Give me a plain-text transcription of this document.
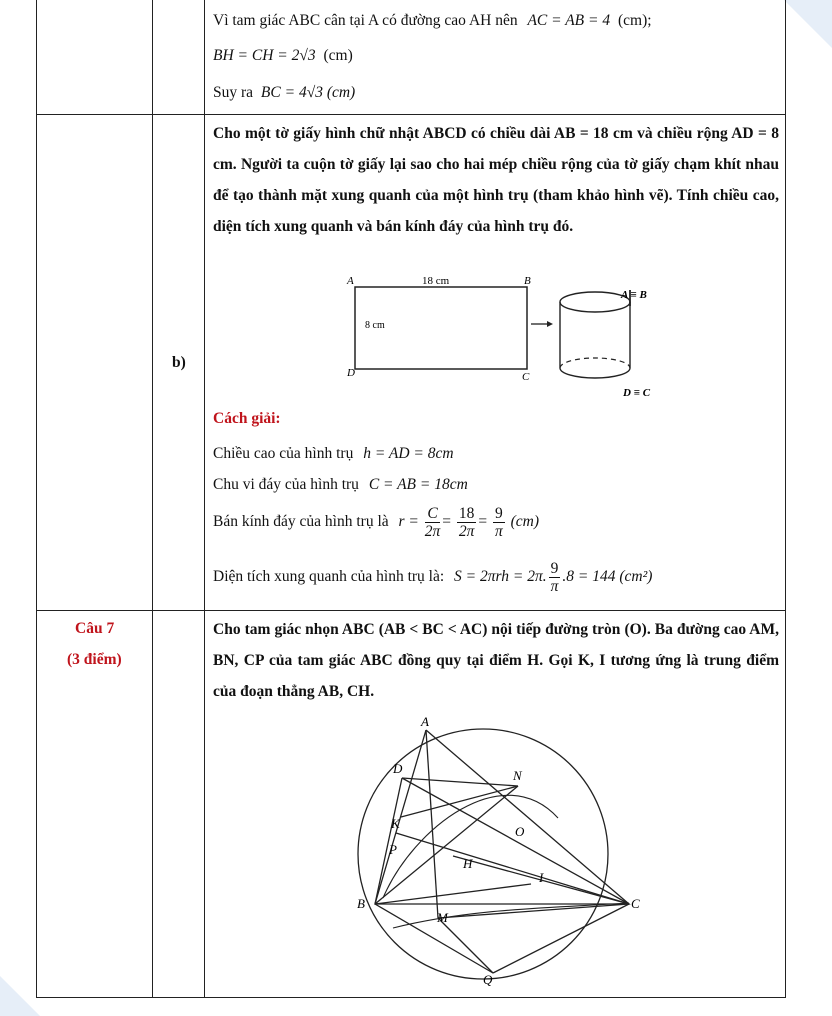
Vì tam giác ABC cân tại A có đường cao AH nên AC = AB = 4 (cm);
BH = CH = 2√3 (cm)
Suy ra BC = 4√3 (cm)
b)
Cho một tờ giấy hình chữ nhật ABCD có chiều dài AB = 18 cm và chiều rộng AD = 8 cm. Người ta cuộn tờ giấy lại sao cho hai mép chiều rộng của tờ giấy chạm khít nhau để tạo thành mặt xung quanh của một hình trụ (tham khảo hình vẽ). Tính chiều cao, diện tích xung quanh và bán kính đáy của hình trụ đó.
A	B
D	C
18 cm
8 cm
A ≡ B
D ≡ C
Cách giải:
Chiều cao của hình trụ h = AD = 8cm
Chu vi đáy của hình trụ C = AB = 18cm
Bán kính đáy của hình trụ là $r = \frac{C}{2\pi} = \frac{18}{2\pi} = \frac{9}{\pi} (cm)$
Diện tích xung quanh của hình trụ là: S = 2πrh = 2π. $\frac{9}{\pi} .8 = 144$ (cm²)
Câu 7
(3 điểm)
Cho tam giác nhọn ABC (AB < BC < AC) nội tiếp đường tròn (O). Ba đường cao AM, BN, CP của tam giác ABC đồng quy tại điểm H. Gọi K, I tương ứng là trung điểm của đoạn thẳng AB, CH.
A
D	N
K
O
P
H
I
B
M
C
Q
